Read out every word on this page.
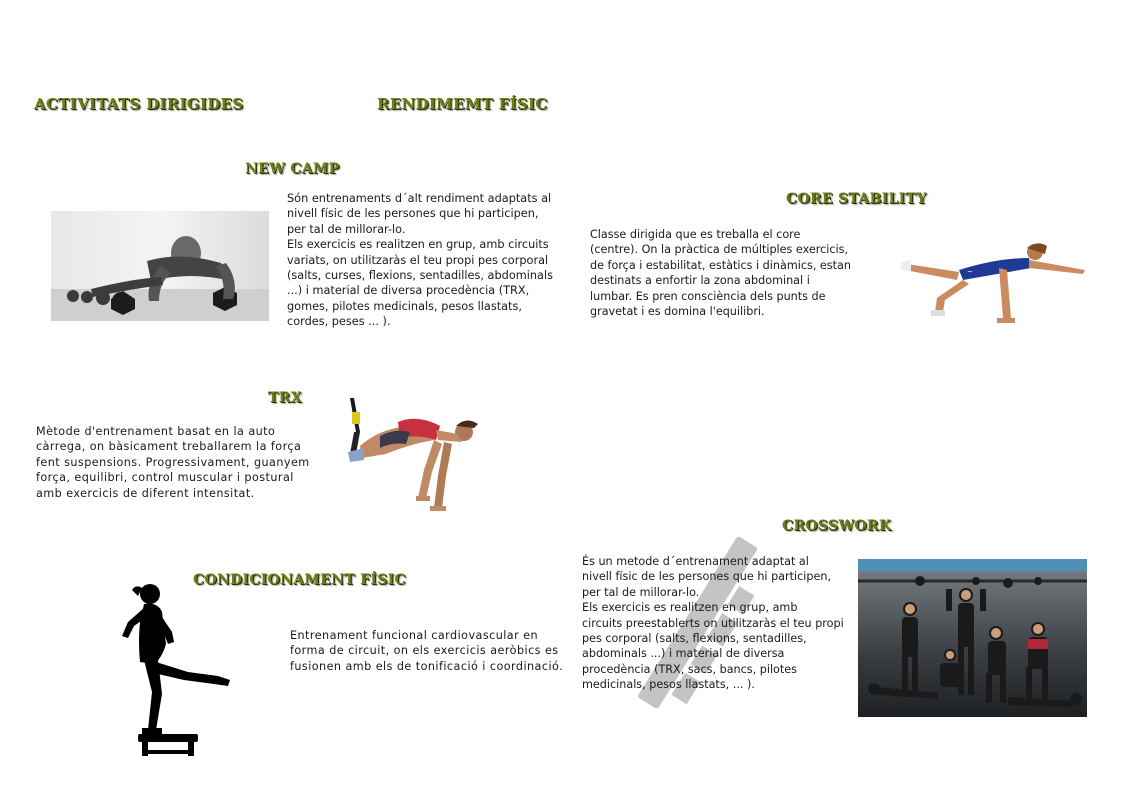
ACTIVITATS DIRIGIDES	RENDIMEMT FÍSIC
NEW CAMP
Són entrenaments d´alt rendiment adaptats al
nivell físic de les persones que hi participen,
per tal de millorar-lo.
Els exercicis es realitzen en grup, amb circuits
variats, on utilitzaràs el teu propi pes corporal
(salts, curses, flexions, sentadilles, abdominals
...) i material de diversa procedència (TRX,
gomes, pilotes medicinals, pesos llastats,
cordes, peses ... ).
CORE STABILITY
Classe dirigida que es treballa el core
(centre). On la pràctica de múltiples exercicis,
de força i estabilitat, estàtics i dinàmics, estan
destinats a enfortir la zona abdominal i
lumbar. Es pren consciència dels punts de
gravetat i es domina l'equilibri.
~
TRX
Mètode d'entrenament basat en la auto
càrrega, on bàsicament treballarem la força
fent suspensions. Progressivament, guanyem
força, equilibri, control muscular i postural
amb exercicis de diferent intensitat.
CONDICIONAMENT FÍSIC
Entrenament funcional cardiovascular en
forma de circuit, on els exercicis aeròbics es
fusionen amb els de tonificació i coordinació.
CROSSWORK
És un metode d´entrenament adaptat al
nivell físic de les persones que hi participen,
per tal de millorar-lo.
Els exercicis es realitzen en grup, amb
circuits preestablerts on utilitzaràs el teu propi
pes corporal (salts, flexions, sentadilles,
abdominals ...) i material de diversa
procedència (TRX, sacs, bancs, pilotes
medicinals, pesos llastats, ... ).
